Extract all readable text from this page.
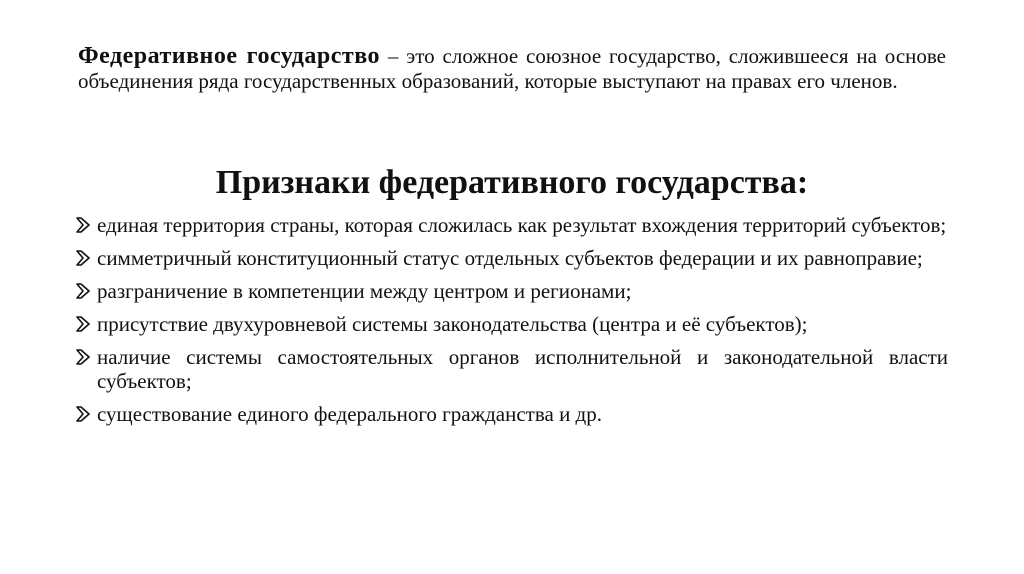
Федеративное государство – это сложное союзное государство, сложившееся на основе объединения ряда государственных образований, которые выступают на правах его членов.

Признаки федеративного государства:
единая территория страны, которая сложилась как результат вхождения территорий субъектов;
симметричный конституционный статус отдельных субъектов федерации и их равноправие;
разграничение в компетенции между центром и регионами;
присутствие двухуровневой системы законодательства (центра и её субъектов);
наличие системы самостоятельных органов исполнительной и законодательной власти субъектов;
существование единого федерального гражданства и др.
